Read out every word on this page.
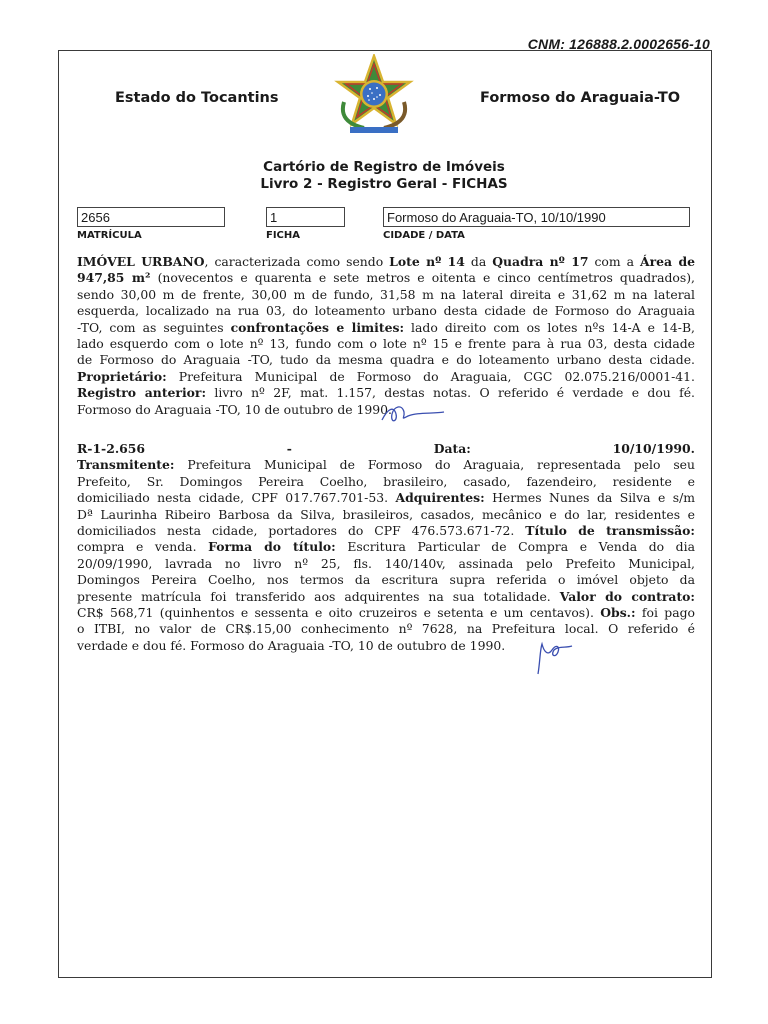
CNM: 126888.2.0002656-10
Estado do Tocantins	Formoso do Araguaia-TO
Cartório de Registro de Imóveis
Livro 2 - Registro Geral - FICHAS
2656	1	Formoso do Araguaia-TO, 10/10/1990
MATRÍCULA	FICHA	CIDADE / DATA
IMÓVEL URBANO, caracterizada como sendo Lote nº 14 da Quadra nº 17 com a Área de
947,85 m² (novecentos e quarenta e sete metros e oitenta e cinco centímetros quadrados),
sendo 30,00 m de frente, 30,00 m de fundo, 31,58 m na lateral direita e 31,62 m na lateral
esquerda, localizado na rua 03, do loteamento urbano desta cidade de Formoso do Araguaia
-TO, com as seguintes confrontações e limites: lado direito com os lotes nºs 14-A e 14-B,
lado esquerdo com o lote nº 13, fundo com o lote nº 15 e frente para à rua 03, desta cidade
de Formoso do Araguaia -TO, tudo da mesma quadra e do loteamento urbano desta cidade.
Proprietário: Prefeitura Municipal de Formoso do Araguaia, CGC 02.075.216/0001-41.
Registro anterior: livro nº 2F, mat. 1.157, destas notas. O referido é verdade e dou fé.
Formoso do Araguaia -TO, 10 de outubro de 1990.
R-1-2.656 - Data: 10/10/1990.
Transmitente: Prefeitura Municipal de Formoso do Araguaia, representada pelo seu
Prefeito, Sr. Domingos Pereira Coelho, brasileiro, casado, fazendeiro, residente e
domiciliado nesta cidade, CPF 017.767.701-53. Adquirentes: Hermes Nunes da Silva e s/m
Dª Laurinha Ribeiro Barbosa da Silva, brasileiros, casados, mecânico e do lar, residentes e
domiciliados nesta cidade, portadores do CPF 476.573.671-72. Título de transmissão:
compra e venda. Forma do título: Escritura Particular de Compra e Venda do dia
20/09/1990, lavrada no livro nº 25, fls. 140/140v, assinada pelo Prefeito Municipal,
Domingos Pereira Coelho, nos termos da escritura supra referida o imóvel objeto da
presente matrícula foi transferido aos adquirentes na sua totalidade. Valor do contrato:
CR$ 568,71 (quinhentos e sessenta e oito cruzeiros e setenta e um centavos). Obs.: foi pago
o ITBI, no valor de CR$.15,00 conhecimento nº 7628, na Prefeitura local. O referido é
verdade e dou fé. Formoso do Araguaia -TO, 10 de outubro de 1990.
